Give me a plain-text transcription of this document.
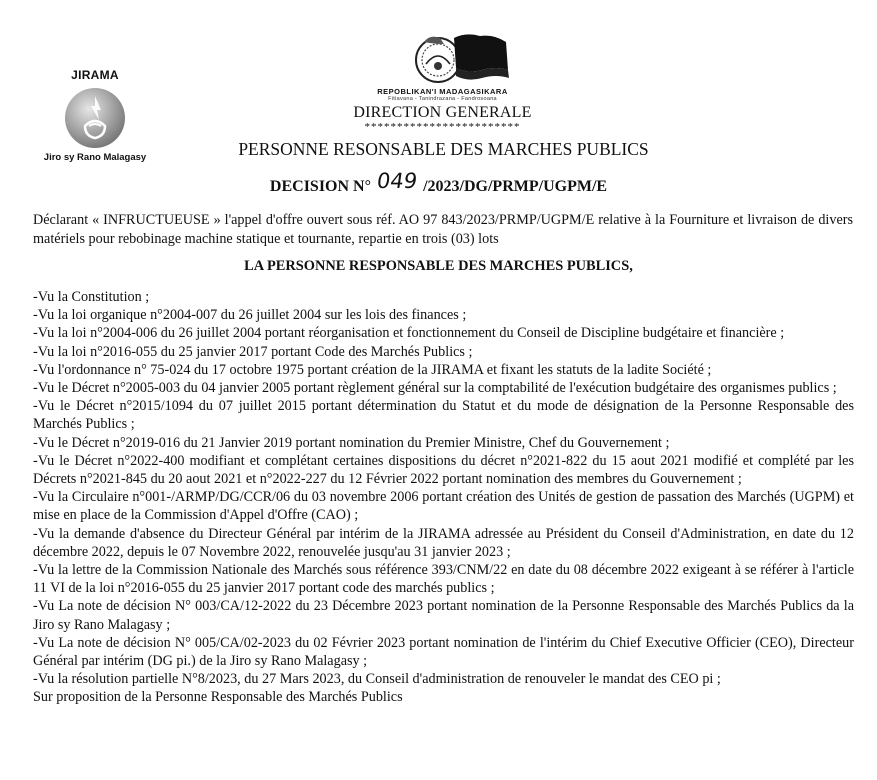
JIRAMA
Jiro sy Rano Malagasy
REPOBLIKAN'I MADAGASIKARA
Fitiavana - Tanindrazana - Fandrosoana
DIRECTION GENERALE
************************
PERSONNE RESONSABLE DES MARCHES PUBLICS
DECISION N° 049 /2023/DG/PRMP/UGPM/E
Déclarant « INFRUCTUEUSE » l'appel d'offre ouvert sous réf. AO 97 843/2023/PRMP/UGPM/E relative à la Fourniture et livraison de divers matériels pour rebobinage machine statique et tournante, repartie en trois (03) lots
LA PERSONNE RESPONSABLE DES MARCHES PUBLICS,

-Vu la Constitution ;

-Vu la loi organique n°2004-007 du 26 juillet 2004 sur les lois des finances ;

-Vu la loi n°2004-006 du 26 juillet 2004 portant réorganisation et fonctionnement du Conseil de Discipline budgétaire et financière ;

-Vu la loi n°2016-055 du 25 janvier 2017 portant Code des Marchés Publics ;

-Vu l'ordonnance n° 75-024 du 17 octobre 1975 portant création de la JIRAMA et fixant les statuts de la ladite Société ;

-Vu le Décret n°2005-003 du 04 janvier 2005 portant règlement général sur la comptabilité de l'exécution budgétaire des organismes publics ;

-Vu le Décret n°2015/1094 du 07 juillet 2015 portant détermination du Statut et du mode de désignation de la Personne Responsable des Marchés Publics ;

-Vu le Décret n°2019-016 du 21 Janvier 2019 portant nomination du Premier Ministre, Chef du Gouvernement ;

-Vu le Décret n°2022-400 modifiant et complétant certaines dispositions du décret n°2021-822 du 15 aout 2021 modifié et complété par les Décrets n°2021-845 du 20 aout 2021 et n°2022-227 du 12 Février 2022 portant nomination des membres du Gouvernement ;

-Vu la Circulaire n°001-/ARMP/DG/CCR/06 du 03 novembre 2006 portant création des Unités de gestion de passation des Marchés (UGPM) et mise en place de la Commission d'Appel d'Offre (CAO) ;

-Vu la demande d'absence du Directeur Général par intérim de la JIRAMA adressée au Président du Conseil d'Administration, en date du 12 décembre 2022, depuis le 07 Novembre 2022, renouvelée jusqu'au 31 janvier 2023 ;

-Vu la lettre de la Commission Nationale des Marchés sous référence 393/CNM/22 en date du 08 décembre 2022 exigeant à se référer à l'article 11 VI de la loi n°2016-055 du 25 janvier 2017 portant code des marchés publics ;

-Vu La note de décision N° 003/CA/12-2022 du 23 Décembre 2023 portant nomination de la Personne Responsable des Marchés Publics da la Jiro sy Rano Malagasy ;

-Vu La note de décision N° 005/CA/02-2023 du 02 Février 2023 portant nomination de l'intérim du Chief Executive Officier (CEO), Directeur Général par intérim (DG pi.) de la Jiro sy Rano Malagasy ;

-Vu la résolution partielle N°8/2023, du 27 Mars 2023, du Conseil d'administration de renouveler le mandat des CEO pi ;

Sur proposition de la Personne Responsable des Marchés Publics
